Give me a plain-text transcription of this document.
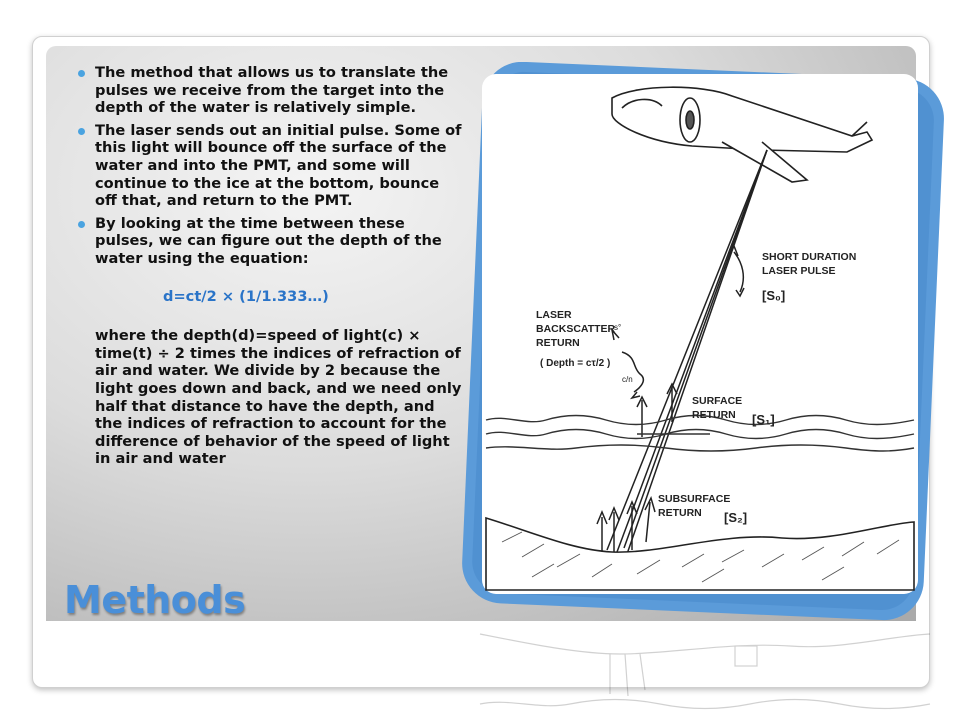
The method that allows us to translate the pulses we receive from the target into the depth of the water is relatively simple.
The laser sends out an initial pulse. Some of this light will bounce off the surface of the water and into the PMT, and some will continue to the ice at the bottom, bounce off that, and return to the PMT.
By looking at the time between these pulses, we can figure out the depth of the water using the equation:
d=ct/2 × (1/1.333…)
where the depth(d)=speed of light(c) × time(t) ÷ 2 times the indices of refraction of air and water. We divide by 2 because the light goes down and back, and we need only half that distance to have the depth, and the indices of refraction to account for the difference of behavior of the speed of light in air and water
SHORT DURATION
LASER PULSE
[S₀]
LASER
BACKSCATTER
RETURN
( Depth = cτ/2 )
SURFACE
RETURN [S₁]
SUBSURFACE
RETURN [S₂]
s°
c/n
Methods
